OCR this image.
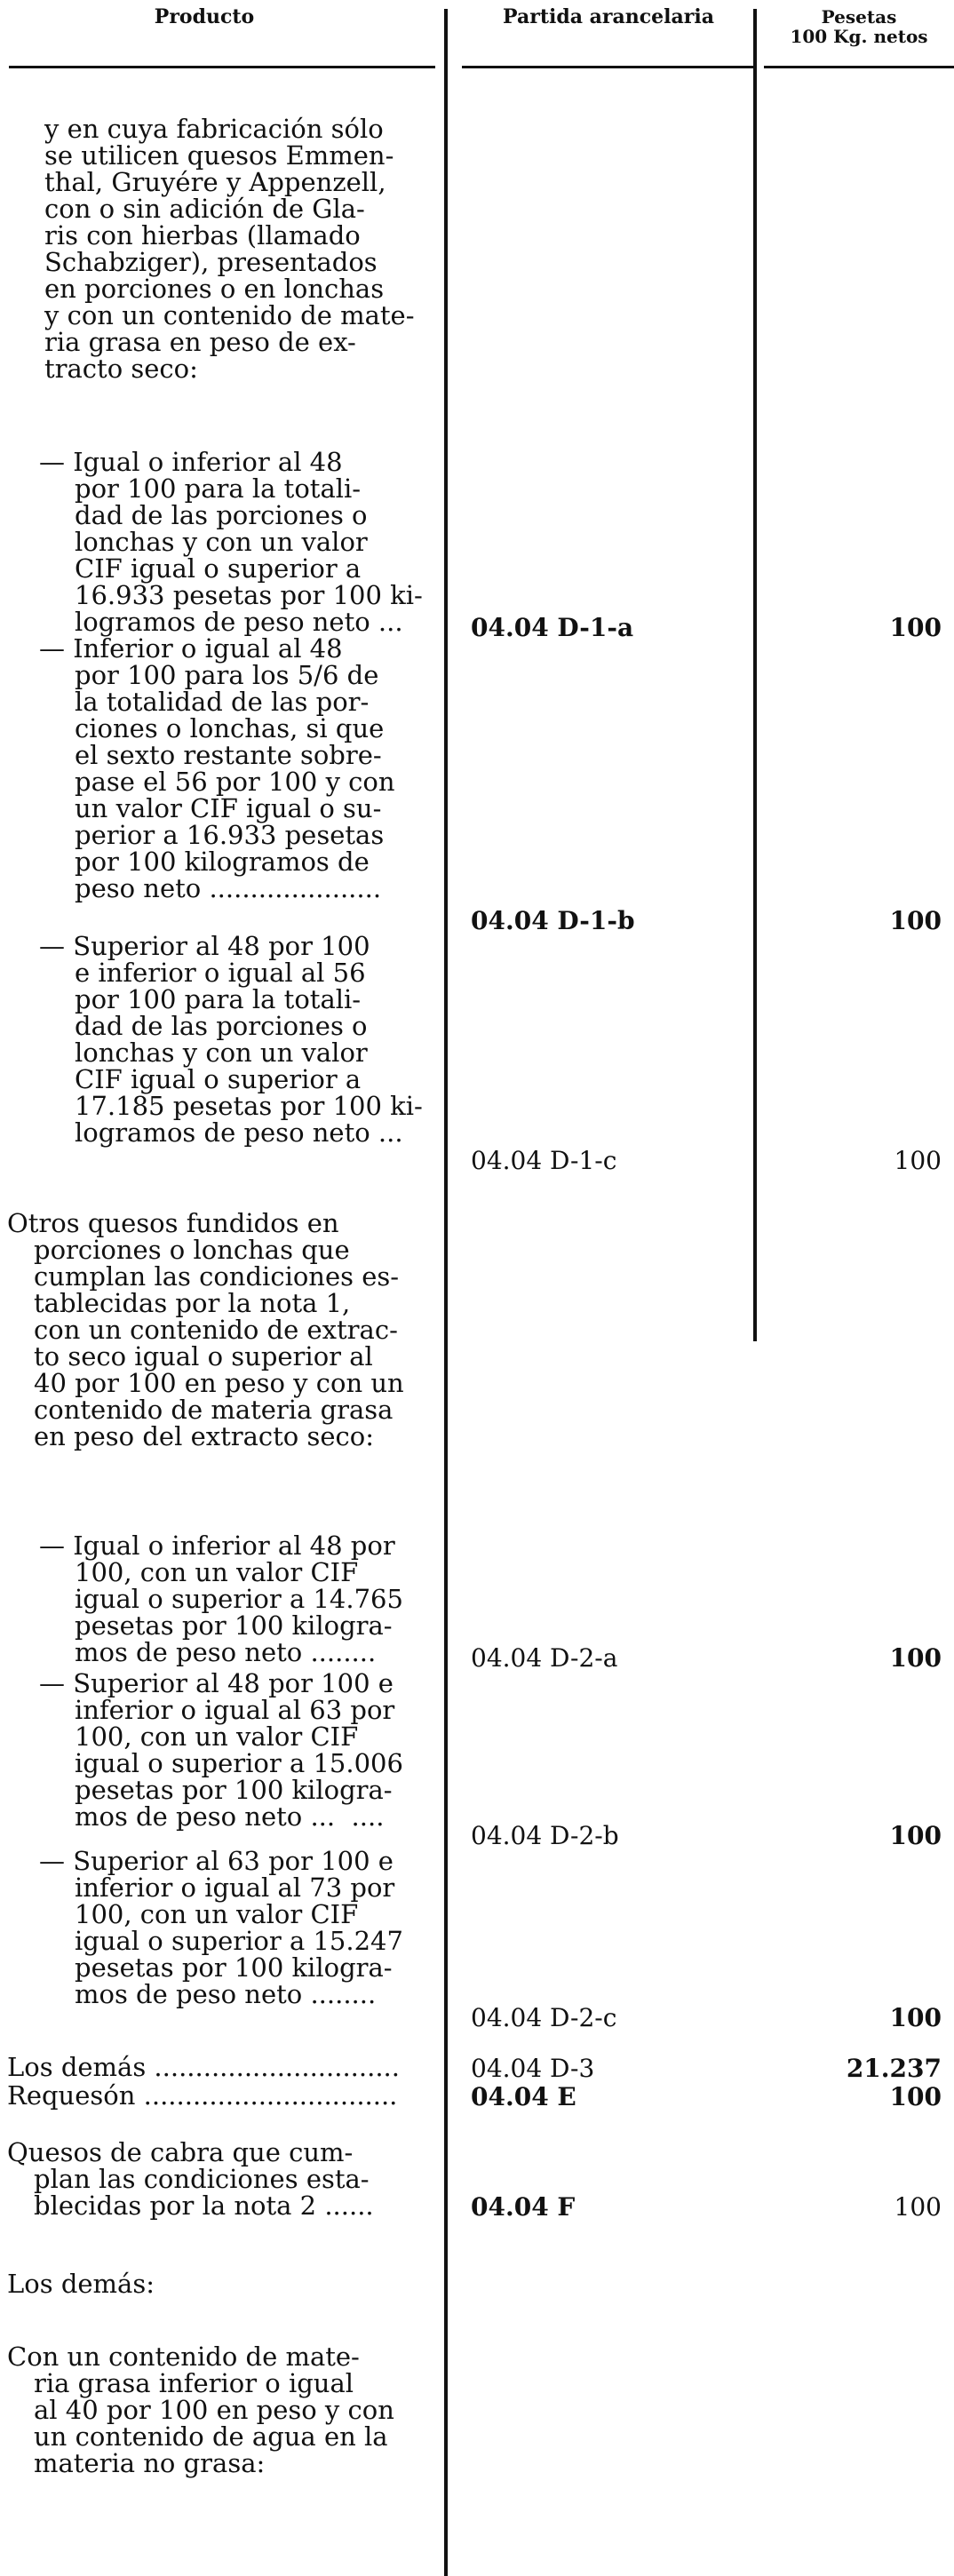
Producto	Partida arancelaria	Pesetas
100 Kg. netos
y en cuya fabricación sólo
se utilicen quesos Emmen-
thal, Gruyére y Appenzell,
con o sin adición de Gla-
ris con hierbas (llamado
Schabziger), presentados
en porciones o en lonchas
y con un contenido de mate-
ria grasa en peso de ex-
tracto seco:
— Igual o inferior al 48
por 100 para la totali-
dad de las porciones o
lonchas y con un valor
CIF igual o superior a
16.933 pesetas por 100 ki-
logramos de peso neto ...	04.04 D-1-a	100
— Inferior o igual al 48
por 100 para los 5/6 de
la totalidad de las por-
ciones o lonchas, si que
el sexto restante sobre-
pase el 56 por 100 y con
un valor CIF igual o su-
perior a 16.933 pesetas
por 100 kilogramos de
peso neto .....................
04.04 D-1-b	100
— Superior al 48 por 100
e inferior o igual al 56
por 100 para la totali-
dad de las porciones o
lonchas y con un valor
CIF igual o superior a
17.185 pesetas por 100 ki-
logramos de peso neto ...
04.04 D-1-c	100
Otros quesos fundidos en
porciones o lonchas que
cumplan las condiciones es-
tablecidas por la nota 1,
con un contenido de extrac-
to seco igual o superior al
40 por 100 en peso y con un
contenido de materia grasa
en peso del extracto seco:
— Igual o inferior al 48 por
100, con un valor CIF
igual o superior a 14.765
pesetas por 100 kilogra-
mos de peso neto ........	04.04 D-2-a	100
— Superior al 48 por 100 e
inferior o igual al 63 por
100, con un valor CIF
igual o superior a 15.006
pesetas por 100 kilogra-
mos de peso neto ...  ....
04.04 D-2-b	100
— Superior al 63 por 100 e
inferior o igual al 73 por
100, con un valor CIF
igual o superior a 15.247
pesetas por 100 kilogra-
mos de peso neto ........
04.04 D-2-c	100
Los demás ..............................	04.04 D-3	21.237
Requesón ...............................	04.04 E	100
Quesos de cabra que cum-
plan las condiciones esta-
blecidas por la nota 2 ......	04.04 F	100
Los demás:
Con un contenido de mate-
ria grasa inferior o igual
al 40 por 100 en peso y con
un contenido de agua en la
materia no grasa:
